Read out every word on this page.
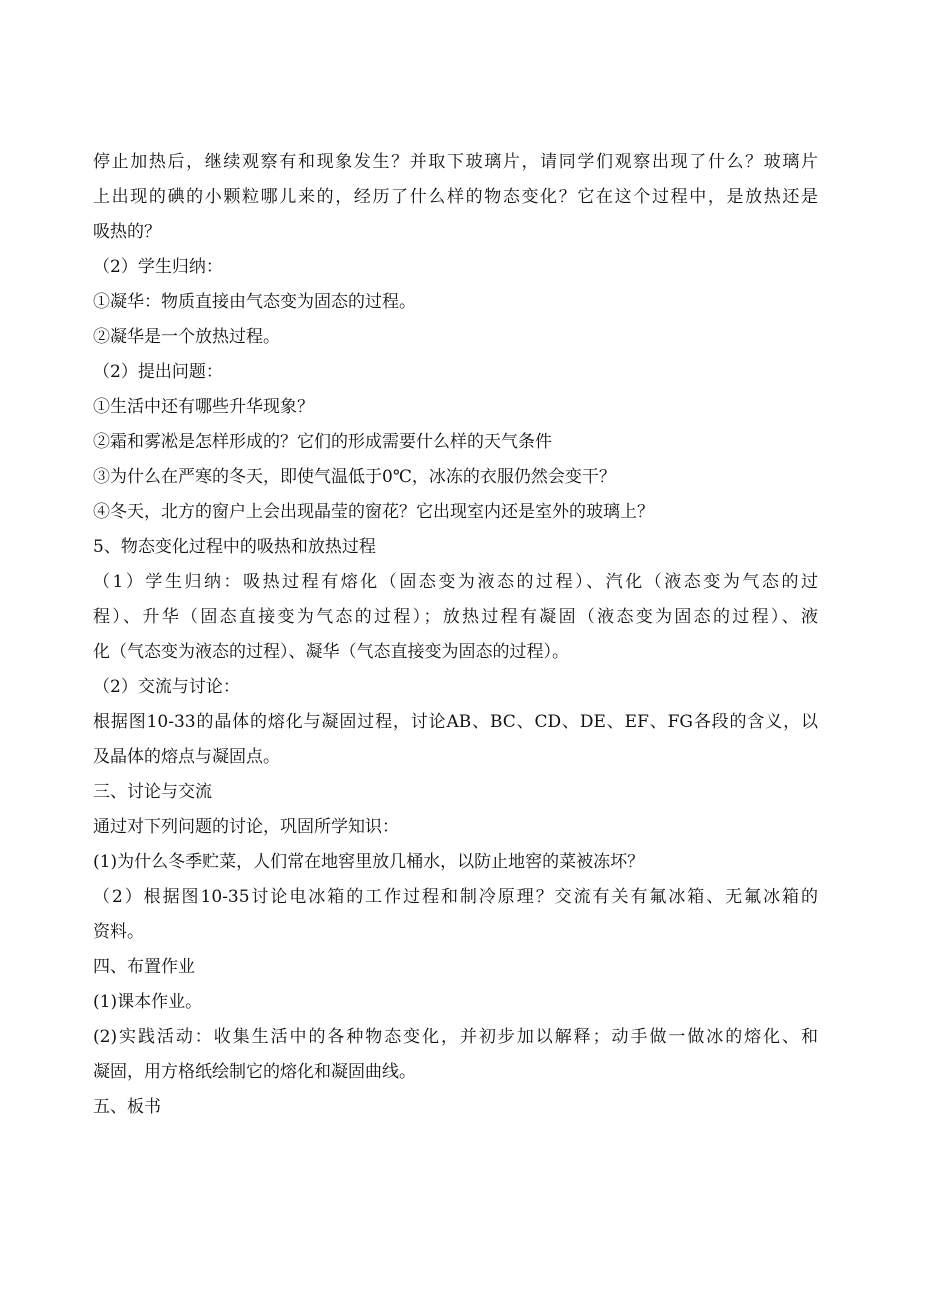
停止加热后，继续观察有和现象发生？并取下玻璃片，请同学们观察出现了什么？玻璃片
上出现的碘的小颗粒哪儿来的，经历了什么样的物态变化？它在这个过程中，是放热还是
吸热的？
（2）学生归纳：
①凝华：物质直接由气态变为固态的过程。
②凝华是一个放热过程。
（2）提出问题：
①生活中还有哪些升华现象？
②霜和雾凇是怎样形成的？它们的形成需要什么样的天气条件
③为什么在严寒的冬天，即使气温低于0℃，冰冻的衣服仍然会变干？
④冬天，北方的窗户上会出现晶莹的窗花？它出现室内还是室外的玻璃上？
5、物态变化过程中的吸热和放热过程
（1）学生归纳：吸热过程有熔化（固态变为液态的过程）、汽化（液态变为气态的过
程）、升华（固态直接变为气态的过程）；放热过程有凝固（液态变为固态的过程）、液
化（气态变为液态的过程）、凝华（气态直接变为固态的过程）。
（2）交流与讨论：
根据图10-33的晶体的熔化与凝固过程，讨论AB、BC、CD、DE、EF、FG各段的含义，以
及晶体的熔点与凝固点。
三、讨论与交流
通过对下列问题的讨论，巩固所学知识：
(1)为什么冬季贮菜，人们常在地窖里放几桶水，以防止地窖的菜被冻坏？
（2）根据图10-35讨论电冰箱的工作过程和制冷原理？交流有关有氟冰箱、无氟冰箱的
资料。
四、布置作业
(1)课本作业。
(2)实践活动：收集生活中的各种物态变化，并初步加以解释；动手做一做冰的熔化、和
凝固，用方格纸绘制它的熔化和凝固曲线。
五、板书
